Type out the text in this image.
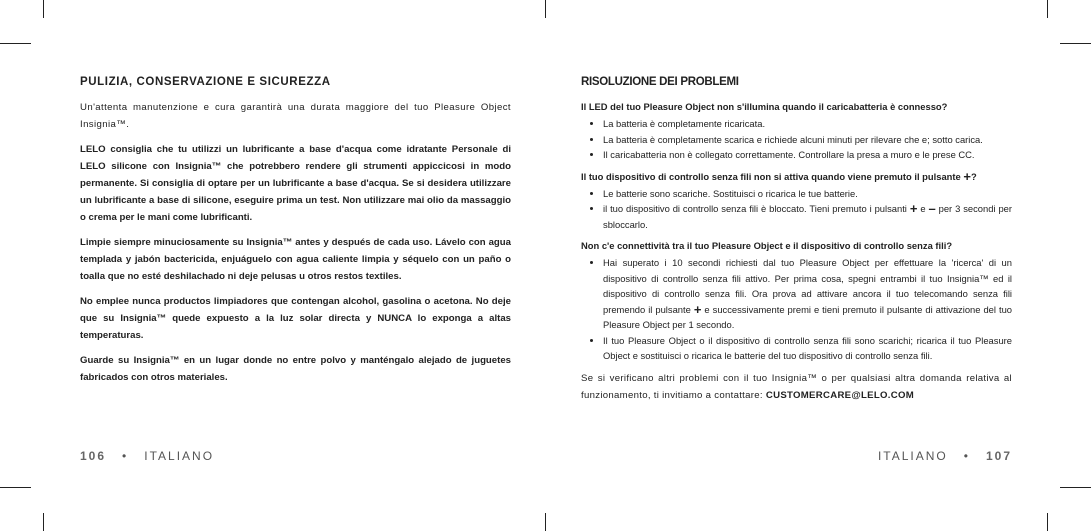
PULIZIA, CONSERVAZIONE E SICUREZZA

Un'attenta manutenzione e cura garantirà una durata maggiore del tuo Pleasure Object Insignia™.

LELO consiglia che tu utilizzi un lubrificante a base d'acqua come idratante Personale di LELO silicone con Insignia™ che potrebbero rendere gli strumenti appiccicosi in modo permanente. Si consiglia di optare per un lubrificante a base d'acqua. Se si desidera utilizzare un lubrificante a base di silicone, eseguire prima un test. Non utilizzare mai olio da massaggio o crema per le mani come lubrificanti.

Limpie siempre minuciosamente su Insignia™ antes y después de cada uso. Lávelo con agua templada y jabón bactericida, enjuáguelo con agua caliente limpia y séquelo con un paño o toalla que no esté deshilachado ni deje pelusas u otros restos textiles.

No emplee nunca productos limpiadores que contengan alcohol, gasolina o acetona. No deje que su Insignia™ quede expuesto a la luz solar directa y NUNCA lo exponga a altas temperaturas.

Guarde su Insignia™ en un lugar donde no entre polvo y manténgalo alejado de juguetes fabricados con otros materiales.

RISOLUZIONE DEI PROBLEMI
Il LED del tuo Pleasure Object non s'illumina quando il caricabatteria è connesso?
• La batteria è completamente ricaricata.
• La batteria è completamente scarica e richiede alcuni minuti per rilevare che e; sotto carica.
• Il caricabatteria non è collegato correttamente. Controllare la presa a muro e le prese CC.
Il tuo dispositivo di controllo senza fili non si attiva quando viene premuto il pulsante +?
• Le batterie sono scariche. Sostituisci o ricarica le tue batterie.
• il tuo dispositivo di controllo senza fili è bloccato. Tieni premuto i pulsanti + e – per 3 secondi per sbloccarlo.
Non c'e connettività tra il tuo Pleasure Object e il dispositivo di controllo senza fili?
• Hai superato i 10 secondi richiesti dal tuo Pleasure Object per effettuare la 'ricerca' di un dispositivo di controllo senza fili attivo. Per prima cosa, spegni entrambi il tuo Insignia™ ed il dispositivo di controllo senza fili. Ora prova ad attivare ancora il tuo telecomando senza fili premendo il pulsante + e successivamente premi e tieni premuto il pulsante di attivazione del tuo Pleasure Object per 1 secondo.
• Il tuo Pleasure Object o il dispositivo di controllo senza fili sono scarichi; ricarica il tuo Pleasure Object e sostituisci o ricarica le batterie del tuo dispositivo di controllo senza fili.

Se si verificano altri problemi con il tuo Insignia™ o per qualsiasi altra domanda relativa al funzionamento, ti invitiamo a contattare: CUSTOMERCARE@LELO.COM

106 • ITALIANO	ITALIANO • 107
